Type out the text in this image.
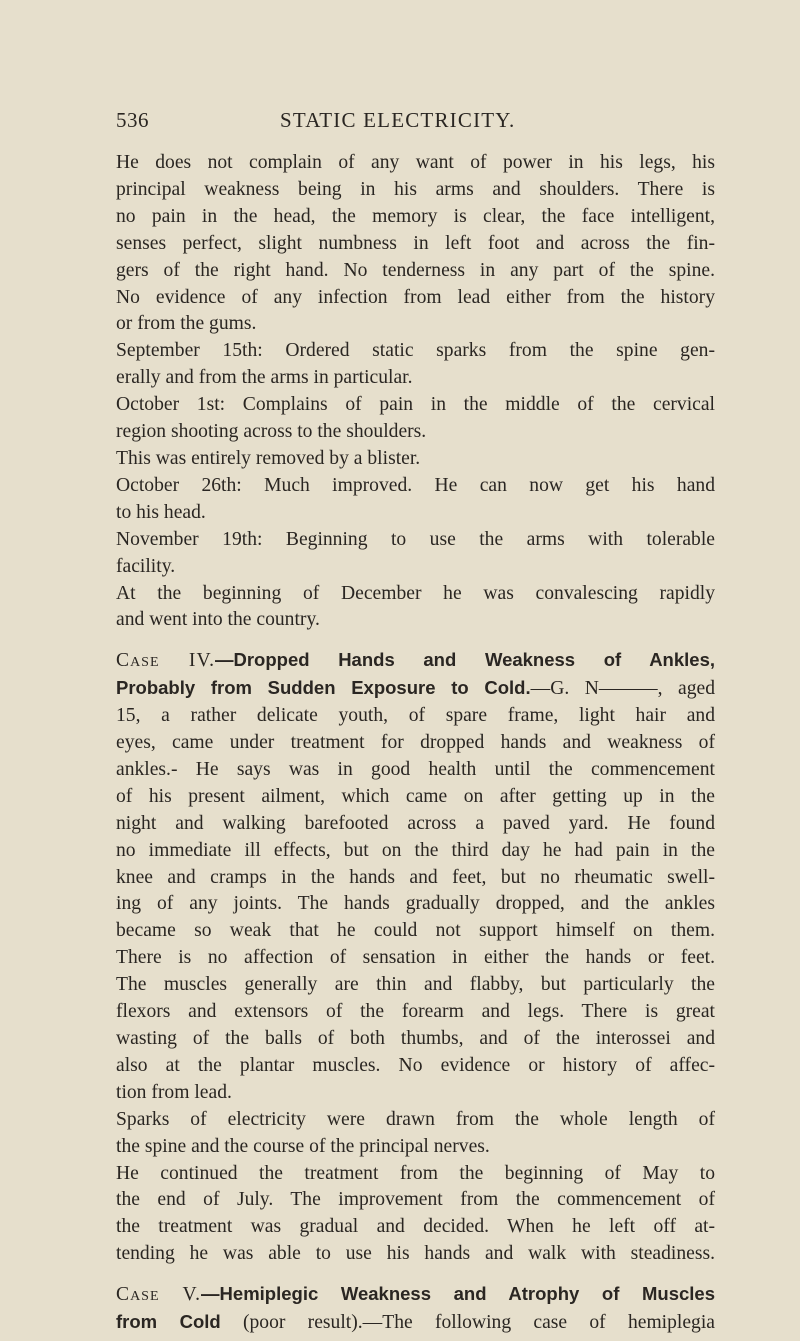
536	STATIC ELECTRICITY.
He does not complain of any want of power in his legs, his
principal weakness being in his arms and shoulders. There is
no pain in the head, the memory is clear, the face intelligent,
senses perfect, slight numbness in left foot and across the fin-
gers of the right hand. No tenderness in any part of the spine.
No evidence of any infection from lead either from the history
or from the gums.
September 15th: Ordered static sparks from the spine gen-
erally and from the arms in particular.
October 1st: Complains of pain in the middle of the cervical
region shooting across to the shoulders.
This was entirely removed by a blister.
October 26th: Much improved. He can now get his hand
to his head.
November 19th: Beginning to use the arms with tolerable
facility.
At the beginning of December he was convalescing rapidly
and went into the country.
Case IV.—Dropped Hands and Weakness of Ankles,
Probably from Sudden Exposure to Cold.—G. N———, aged
15, a rather delicate youth, of spare frame, light hair and
eyes, came under treatment for dropped hands and weakness of
ankles.- He says was in good health until the commencement
of his present ailment, which came on after getting up in the
night and walking barefooted across a paved yard. He found
no immediate ill effects, but on the third day he had pain in the
knee and cramps in the hands and feet, but no rheumatic swell-
ing of any joints. The hands gradually dropped, and the ankles
became so weak that he could not support himself on them.
There is no affection of sensation in either the hands or feet.
The muscles generally are thin and flabby, but particularly the
flexors and extensors of the forearm and legs. There is great
wasting of the balls of both thumbs, and of the interossei and
also at the plantar muscles. No evidence or history of affec-
tion from lead.
Sparks of electricity were drawn from the whole length of
the spine and the course of the principal nerves.
He continued the treatment from the beginning of May to
the end of July. The improvement from the commencement of
the treatment was gradual and decided. When he left off at-
tending he was able to use his hands and walk with steadiness.
Case V.—Hemiplegic Weakness and Atrophy of Muscles
from Cold (poor result).—The following case of hemiplegia
